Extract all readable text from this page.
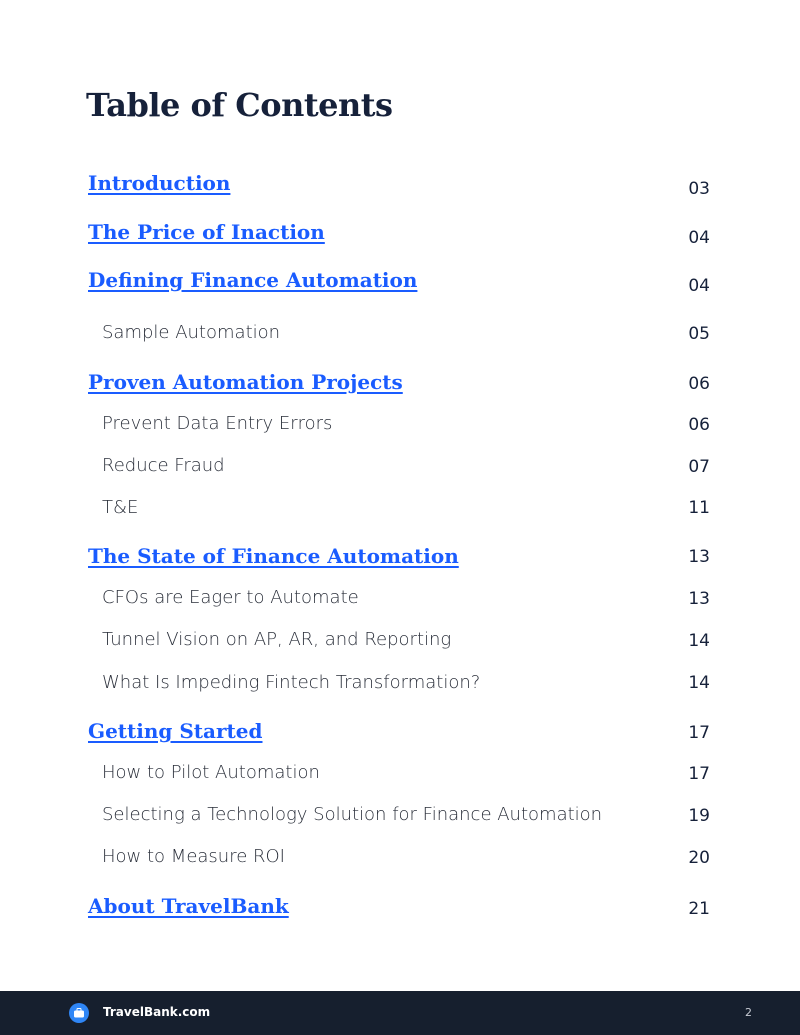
Table of Contents
Introduction	03
The Price of Inaction	04
Defining Finance Automation	04
Sample Automation	05
Proven Automation Projects	06
Prevent Data Entry Errors	06
Reduce Fraud	07
T&E	11
The State of Finance Automation	13
CFOs are Eager to Automate	13
Tunnel Vision on AP, AR, and Reporting	14
What Is Impeding Fintech Transformation?	14
Getting Started	17
How to Pilot Automation	17
Selecting a Technology Solution for Finance Automation	19
How to Measure ROI	20
About TravelBank	21
TravelBank.com	2
